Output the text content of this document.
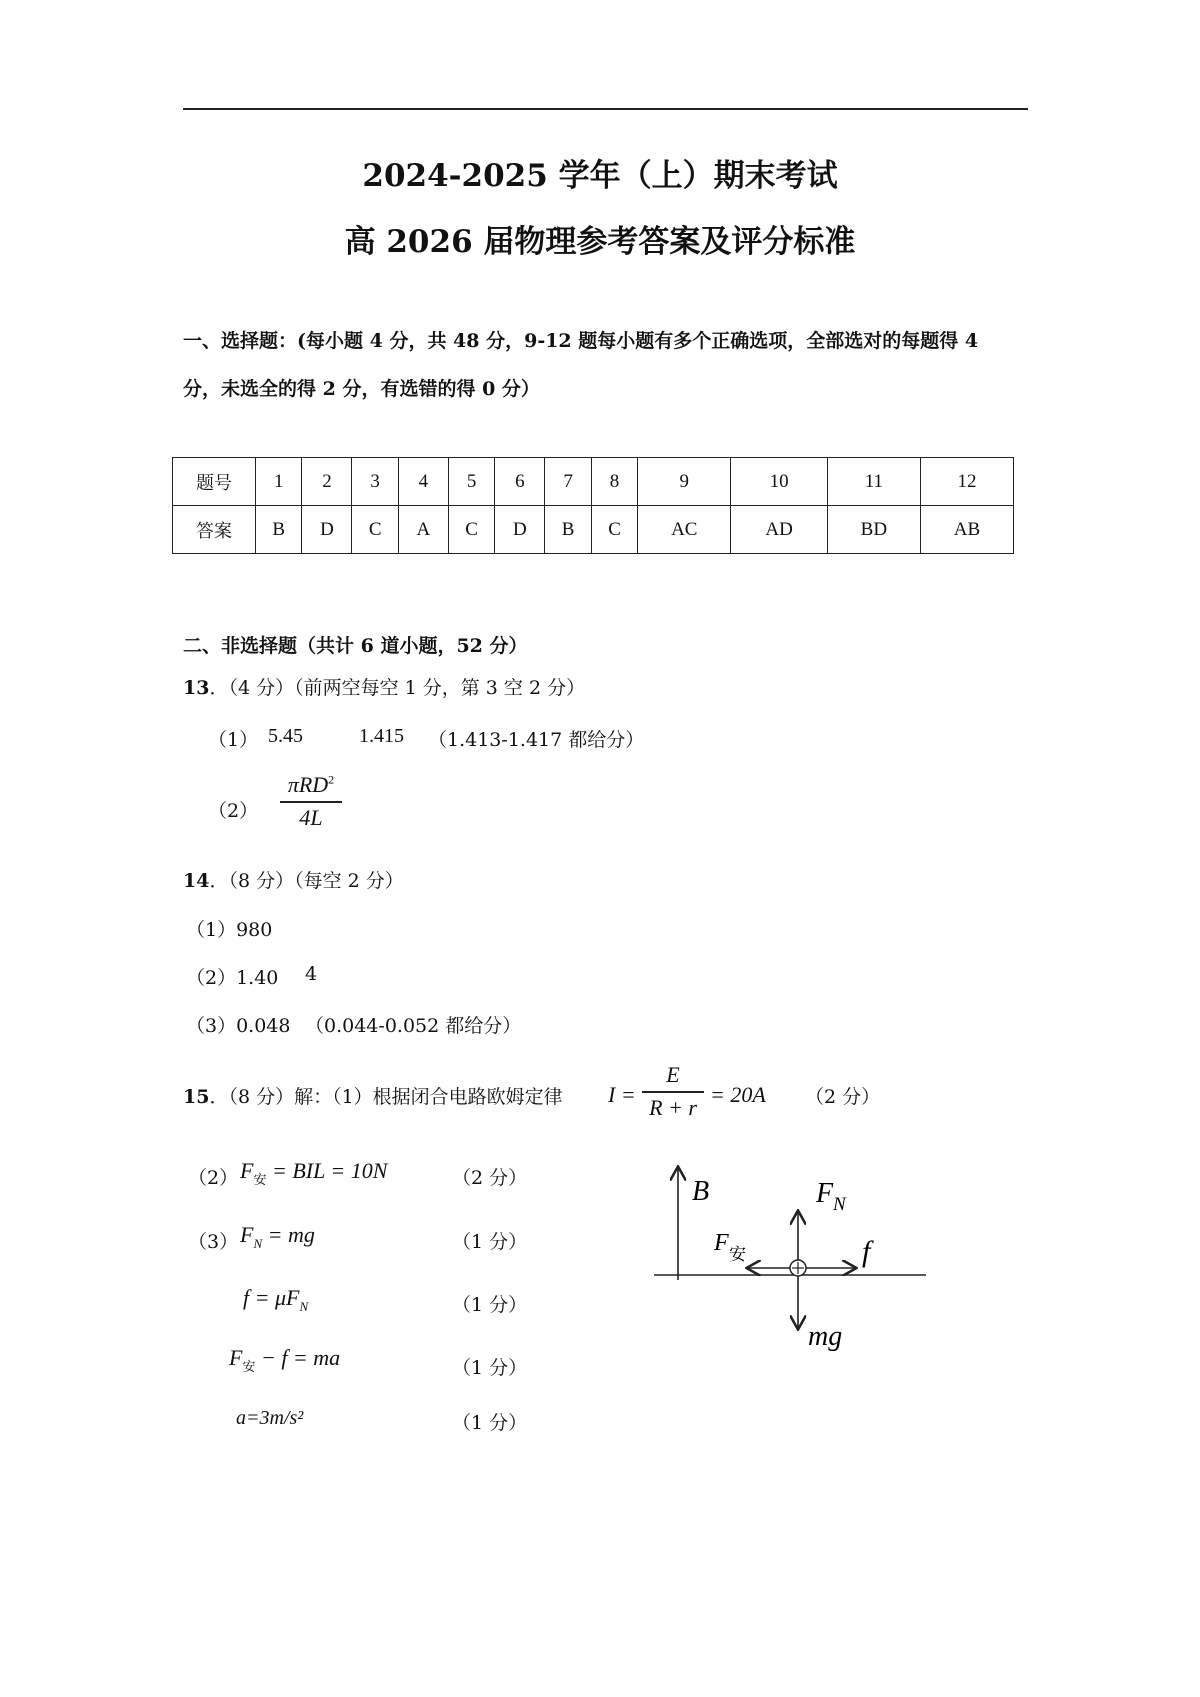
2024-2025 学年（上）期末考试
高 2026 届物理参考答案及评分标准
一、选择题：(每小题 4 分，共 48 分，9-12 题每小题有多个正确选项，全部选对的每题得 4
分，未选全的得 2 分，有选错的得 0 分）
题号	1	2	3	4	5	6	7	8	9	10	11	12
答案	B	D	C	A	C	D	B	C	AC	AD	BD	AB
二、非选择题（共计 6 道小题，52 分）
13．（4 分）（前两空每空 1 分，第 3 空 2 分）
（1） 5.45	1.415 （1.413-1.417 都给分）
（2）
πRD$^2$
4L
14．（8 分）（每空 2 分）
（1）980
（2）1.40 4
（3）0.048 （0.044-0.052 都给分）
15．（8 分）解：（1）根据闭合电路欧姆定律 I =
E
R + r = 20A （2 分）
（2） $F_安$ = BIL = 10N	（2 分）
（3） $F_N$ = mg	（1 分）
$f = \mu F_N$	（1 分）
$F_安 - f$ = ma	（1 分）
a=3m/s²	（1 分）
B	F N
F 安	f
mg
